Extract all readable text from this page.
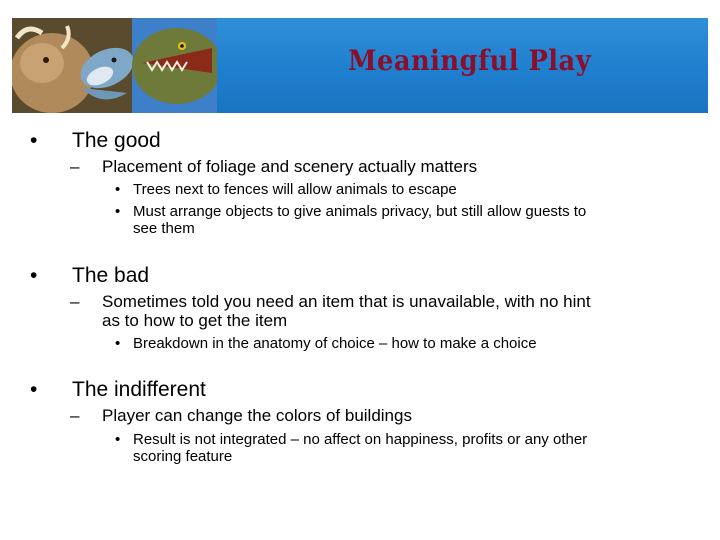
Meaningful Play
• The good
– Placement of foliage and scenery actually matters
• Trees next to fences will allow animals to escape
• Must arrange objects to give animals privacy, but still allow guests to
see them
• The bad
– Sometimes told you need an item that is unavailable, with no hint
as to how to get the item
• Breakdown in the anatomy of choice – how to make a choice
• The indifferent
– Player can change the colors of buildings
• Result is not integrated – no affect on happiness, profits or any other
scoring feature
